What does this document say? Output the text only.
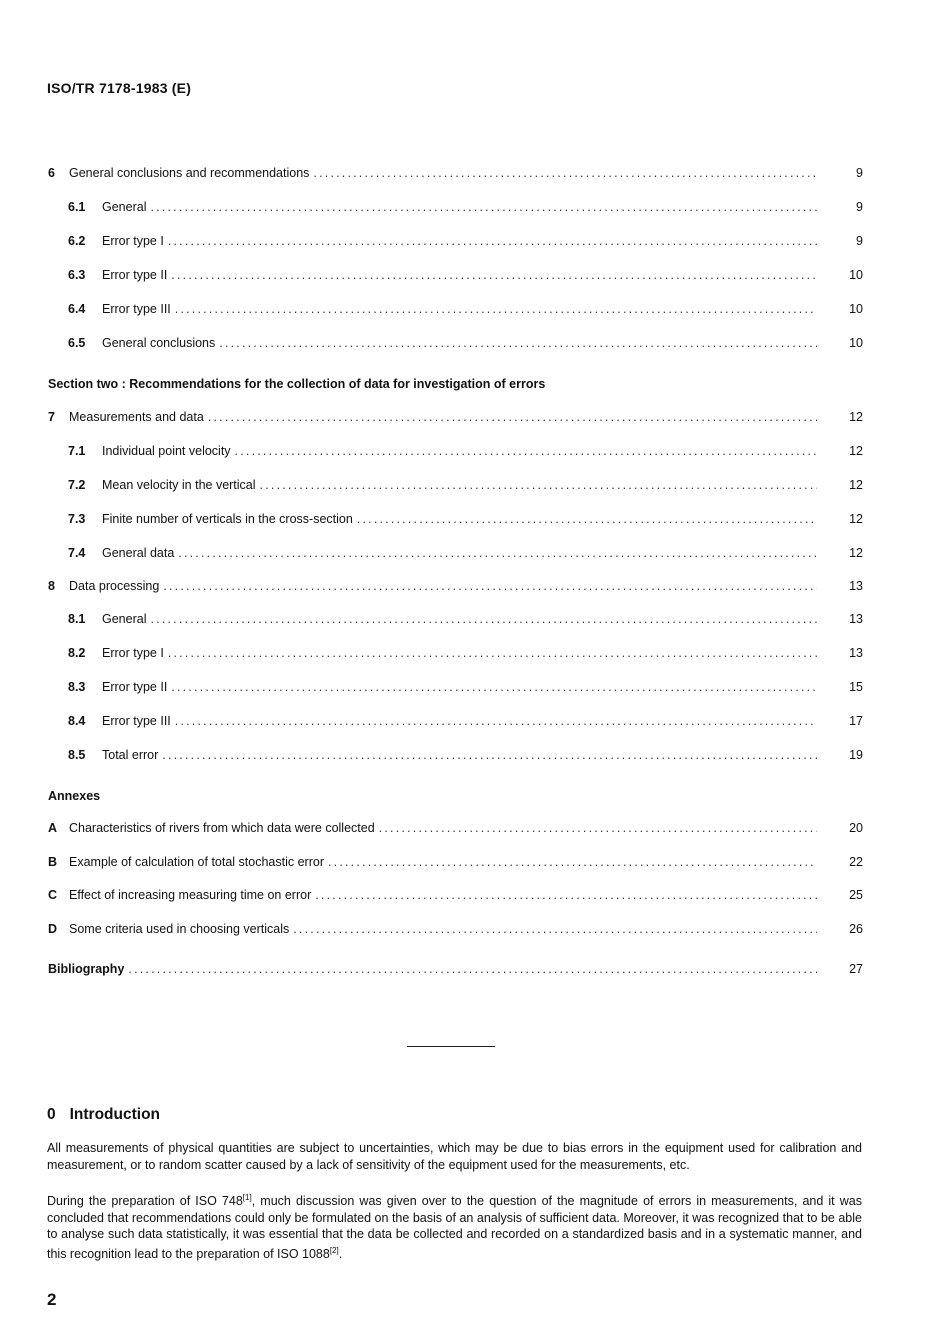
ISO/TR 7178-1983 (E)
6	General conclusions and recommendations .....	9
6.1	General .....	9
6.2	Error type I .....	9
6.3	Error type II .....	10
6.4	Error type III .....	10
6.5	General conclusions .....	10
Section two : Recommendations for the collection of data for investigation of errors
7	Measurements and data .....	12
7.1	Individual point velocity .....	12
7.2	Mean velocity in the vertical .....	12
7.3	Finite number of verticals in the cross-section .....	12
7.4	General data .....	12
8	Data processing .....	13
8.1	General .....	13
8.2	Error type I .....	13
8.3	Error type II .....	15
8.4	Error type III .....	17
8.5	Total error .....	19
Annexes
A Characteristics of rivers from which data were collected .....	20
B Example of calculation of total stochastic error .....	22
C Effect of increasing measuring time on error .....	25
D Some criteria used in choosing verticals .....	26
Bibliography .....	27
0 Introduction
All measurements of physical quantities are subject to uncertainties, which may be due to bias errors in the equipment used for calibration and measurement, or to random scatter caused by a lack of sensitivity of the equipment used for the measurements, etc.
During the preparation of ISO 748[1], much discussion was given over to the question of the magnitude of errors in measurements, and it was concluded that recommendations could only be formulated on the basis of an analysis of sufficient data. Moreover, it was recognized that to be able to analyse such data statistically, it was essential that the data be collected and recorded on a standardized basis and in a systematic manner, and this recognition lead to the preparation of ISO 1088[2].
2
